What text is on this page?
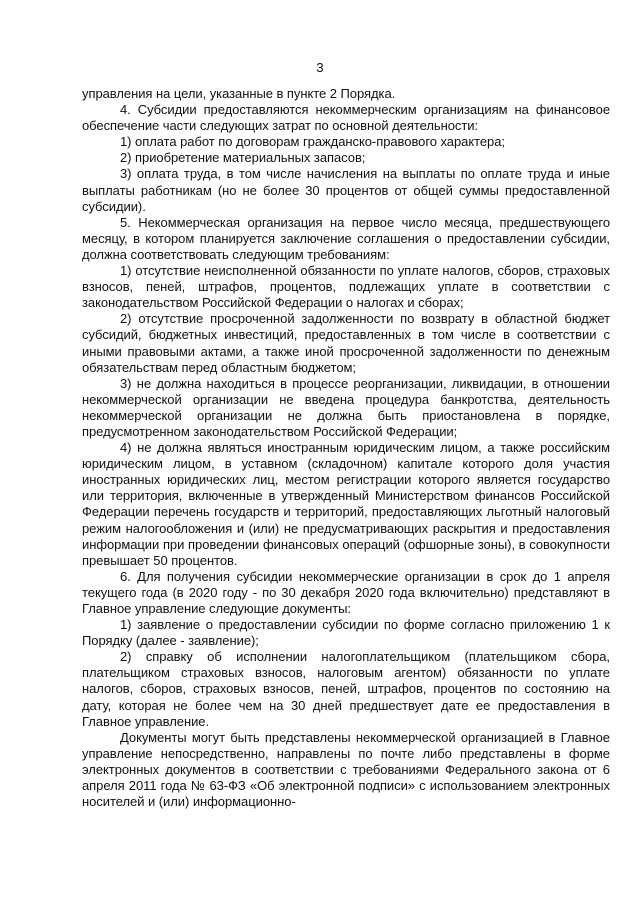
3

управления на цели, указанные в пункте 2 Порядка.

4. Субсидии предоставляются некоммерческим организациям на финансовое обеспечение части следующих затрат по основной деятельности:

1) оплата работ по договорам гражданско-правового характера;

2) приобретение материальных запасов;

3) оплата труда, в том числе начисления на выплаты по оплате труда и иные выплаты работникам (но не более 30 процентов от общей суммы предоставленной субсидии).

5. Некоммерческая организация на первое число месяца, предшествующего месяцу, в котором планируется заключение соглашения о предоставлении субсидии, должна соответствовать следующим требованиям:

1) отсутствие неисполненной обязанности по уплате налогов, сборов, страховых взносов, пеней, штрафов, процентов, подлежащих уплате в соответствии с законодательством Российской Федерации о налогах и сборах;

2) отсутствие просроченной задолженности по возврату в областной бюджет субсидий, бюджетных инвестиций, предоставленных в том числе в соответствии с иными правовыми актами, а также иной просроченной задолженности по денежным обязательствам перед областным бюджетом;

3) не должна находиться в процессе реорганизации, ликвидации, в отношении некоммерческой организации не введена процедура банкротства, деятельность некоммерческой организации не должна быть приостановлена в порядке, предусмотренном законодательством Российской Федерации;

4) не должна являться иностранным юридическим лицом, а также российским юридическим лицом, в уставном (складочном) капитале которого доля участия иностранных юридических лиц, местом регистрации которого является государство или территория, включенные в утвержденный Министерством финансов Российской Федерации перечень государств и территорий, предоставляющих льготный налоговый режим налогообложения и (или) не предусматривающих раскрытия и предоставления информации при проведении финансовых операций (офшорные зоны), в совокупности превышает 50 процентов.

6. Для получения субсидии некоммерческие организации в срок до 1 апреля текущего года (в 2020 году - по 30 декабря 2020 года включительно) представляют в Главное управление следующие документы:

1) заявление о предоставлении субсидии по форме согласно приложению 1 к Порядку (далее - заявление);

2) справку об исполнении налогоплательщиком (плательщиком сбора, плательщиком страховых взносов, налоговым агентом) обязанности по уплате налогов, сборов, страховых взносов, пеней, штрафов, процентов по состоянию на дату, которая не более чем на 30 дней предшествует дате ее предоставления в Главное управление.

Документы могут быть представлены некоммерческой организацией в Главное управление непосредственно, направлены по почте либо представлены в форме электронных документов в соответствии с требованиями Федерального закона от 6 апреля 2011 года № 63-ФЗ «Об электронной подписи» с использованием электронных носителей и (или) информационно-
